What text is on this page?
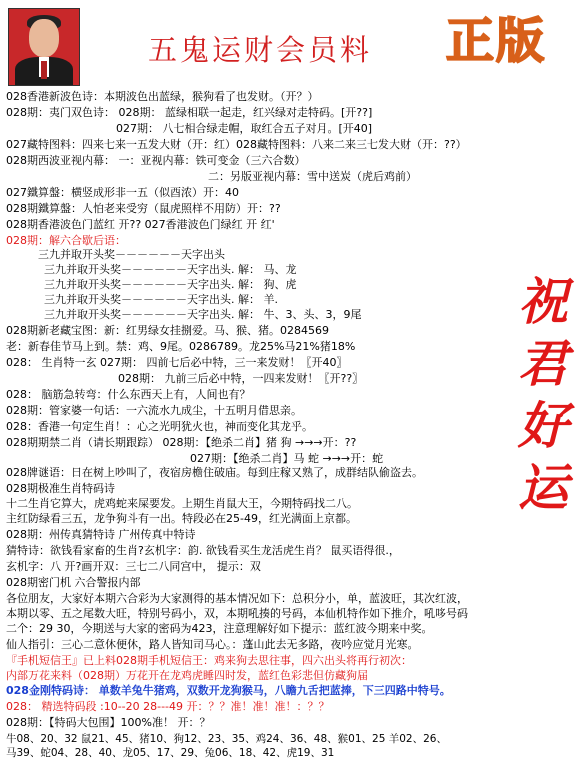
五鬼运财会员料 正版
祝
君
好
运
028香港新波色诗：本期波色出蓝绿，猴狗看了也发财。（开？）
028期：夷门双色诗： 028期： 蓝绿相联一起走，红兴绿对走特码。[开??]
027期： 八七相合绿走帽，取红合五子对月。[开40]
027藏特图料：四来七来一五发大财（开：红）028藏特图料：八来二来三七发大财（开：??）
028期西波亚视内幕： 一：亚视内幕：铁可变金（三六合数）
二：另版亚视内幕：雪中送炭（虎后鸡前）
027鐵算盤：横竖成形非一五（似酉浓）开：40
028期鐵算盤：人怕老来受穷（鼠虎照样不用防）开：??
028期香港波色门蓝红 开?? 027香港波色门绿红 开 红'
028期：解六合歇后语：
三九并取开头奖－－－－－－天字出头
三九并取开头奖－－－－－－天字出头. 解： 马、龙
三九并取开头奖－－－－－－天字出头. 解： 狗、虎
三九并取开头奖－－－－－－天字出头. 解： 羊.
三九并取开头奖－－－－－－天字出头. 解： 牛、3、头、3，9尾
028期新老藏宝图：新：红男绿女挂捌爱。马、猴、猪。0284569
老：新春佳节马上到。禁：鸡、9尾。0286789。龙25%马21%猪18%
028： 生肖特一玄 027期： 四前七后必中特，三一来发财！〖开40〗
028期： 九前三后必中特，一四来发财！〖开??〗
028： 脑筋急转弯：什么东西天上有，人间也有？
028期：管家婆一句话：一六流水九成尘，十五明月借思亲。
028：香港一句定生肖！：心之光明犹火也，神而变化其龙乎。
028期期禁二肖（请长期跟踪） 028期：【绝杀二肖】猪 狗 →→→开：??
027期：【绝杀二肖】马 蛇 →→→开：蛇
028牌谜语：日在树上吵叫了，夜宿房檐住破庙。每到庄稼又熟了，成群结队偷盗去。
028期极准生肖特码诗
十二生肖它算大，虎鸡蛇来屎要发。上期生肖鼠大王，今期特码找二八。
主红防绿看三五，龙争狗斗有一出。特段必在25-49，红光满面上京都。
028期：州传真猜特诗 广州传真中特诗
猜特诗：欲钱看家畜的生肖?玄机字：韵. 欲钱看买生龙活虎生肖？ 鼠买语得很.，
玄机字：八 开?画开双：三七二八同宫中， 提示：双
028期密门机 六合警报内部
各位朋友，大家好本期六合彩为大家测得的基本情况如下：总积分小，单，蓝波旺，其次红波，
本期以零、五之尾数大旺，特别号码小，双，本期吼揍的号码，本仙机特作如下推介，吼哆号码
二个：29 30，今期送与大家的密码为423，注意理解好如下提示：蓝红波今期来中奖。
仙人指引：三心二意休便休，路人皆知司马心。：蓬山此去无多路，夜吟应觉月光寒。
『手机短信王』已上料028期手机短信王：鸡来狗去思往事，四六出头将再行初次：
内部万花来料（028期）万花开在龙鸡虎睡四时发，蓝红色彩悲但仿藏狗届
028金刚特码诗： 单数羊兔牛猪鸡，双数开龙狗猴马，八瞻九舌把蓝捧，下三四路中特号。
028： 精选特码段 :10--20 28---49 开：？？准！准！准！：？？
028期：【特码大包围】100%准！ 开：？
牛08、20、32 鼠21、45、猪10、狗12、23、35、鸡24、36、48、猴01、25 羊02、26、
马39、蛇04、28、40、龙05、17、29、兔06、18、42、虎19、31
